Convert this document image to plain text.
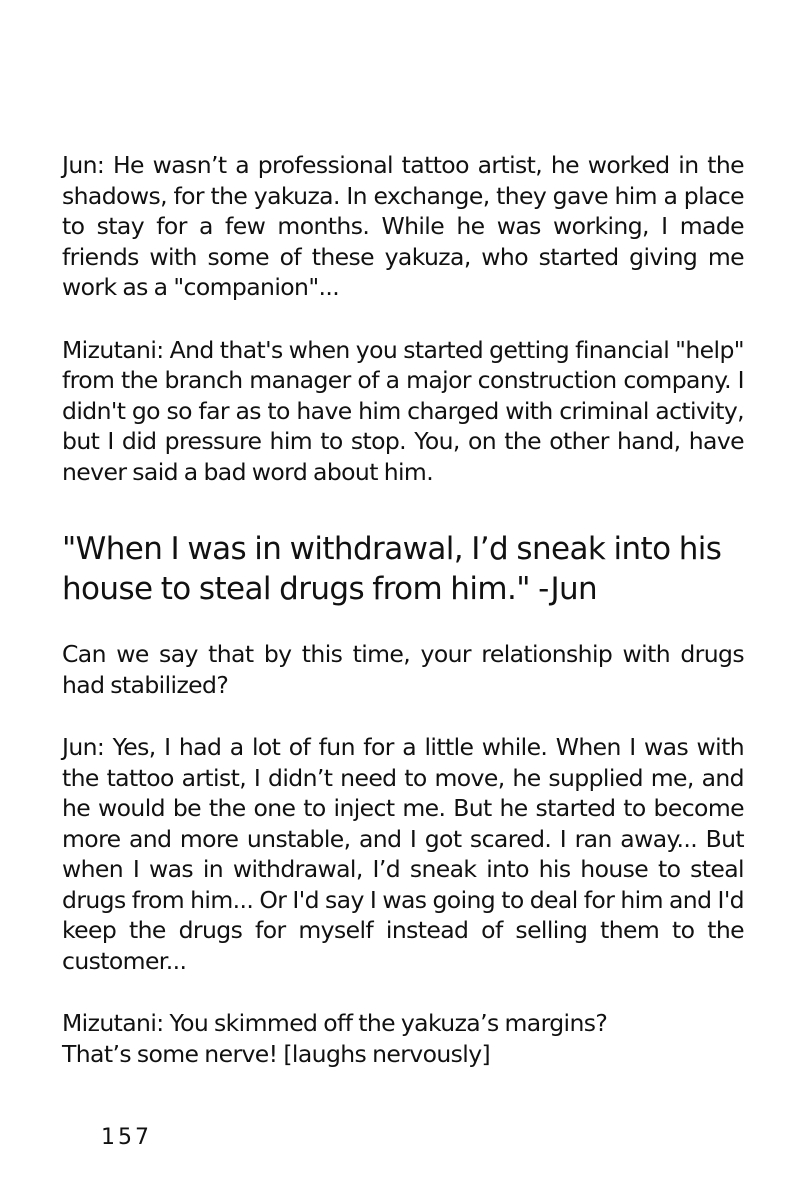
Jun: He wasn’t a professional tattoo artist, he worked in the shadows, for the yakuza. In exchange, they gave him a place to stay for a few months. While he was working, I made friends with some of these yakuza, who started giving me work as a "companion"...

Mizutani: And that's when you started getting financial "help" from the branch manager of a major construction company. I didn't go so far as to have him charged with criminal activity, but I did pressure him to stop. You, on the other hand, have never said a bad word about him.

"When I was in withdrawal, I’d sneak into his house to steal drugs from him." -Jun

Can we say that by this time, your relationship with drugs had stabilized?

Jun: Yes, I had a lot of fun for a little while. When I was with the tattoo artist, I didn’t need to move, he supplied me, and he would be the one to inject me. But he started to become more and more unstable, and I got scared. I ran away... But when I was in withdrawal, I’d sneak into his house to steal drugs from him... Or I'd say I was going to deal for him and I'd keep the drugs for myself instead of selling them to the customer...

Mizutani: You skimmed off the yakuza’s margins?
That’s some nerve! [laughs nervously]

157
